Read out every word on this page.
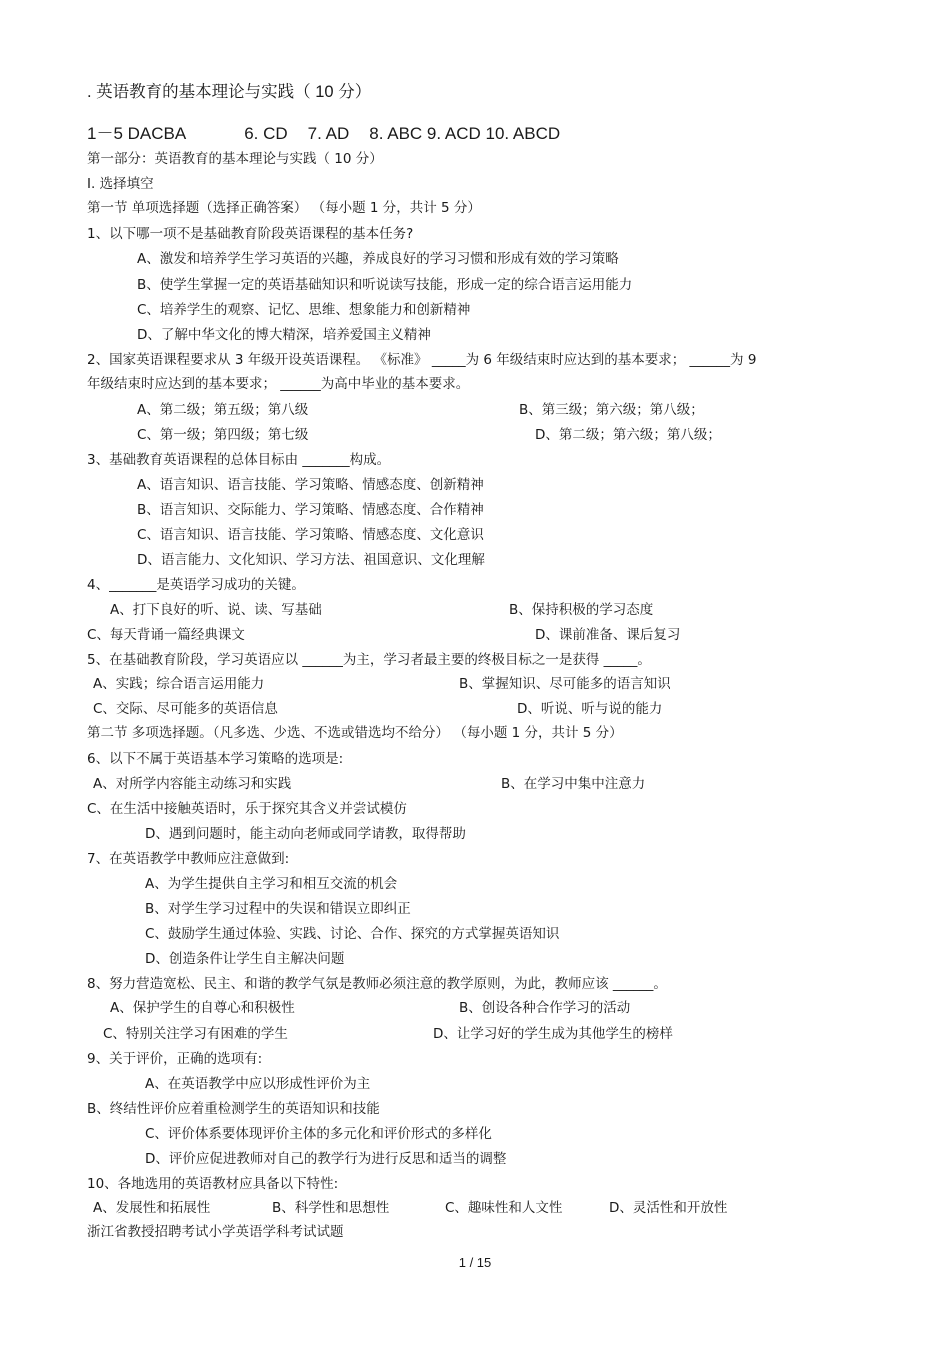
. 英语教育的基本理论与实践（ 10 分）
1－5 DACBA	6. CD 7. AD 8. ABC 9. ACD 10. ABCD
第一部分：英语教育的基本理论与实践（ 10 分）
I. 选择填空
第一节 单项选择题（选择正确答案） （每小题 1 分，共计 5 分）
1、以下哪一项不是基础教育阶段英语课程的基本任务?
A、激发和培养学生学习英语的兴趣，养成良好的学习习惯和形成有效的学习策略
B、使学生掌握一定的英语基础知识和听说读写技能，形成一定的综合语言运用能力
C、培养学生的观察、记忆、思维、想象能力和创新精神
D、了解中华文化的博大精深，培养爱国主义精神
2、国家英语课程要求从 3 年级开设英语课程。 《标准》 _____为 6 年级结束时应达到的基本要求； ______为 9
年级结束时应达到的基本要求； ______为高中毕业的基本要求。
A、第二级；第五级；第八级	B、第三级；第六级；第八级；
C、第一级；第四级；第七级	D、第二级；第六级；第八级；
3、基础教育英语课程的总体目标由 _______构成。
A、语言知识、语言技能、学习策略、情感态度、创新精神
B、语言知识、交际能力、学习策略、情感态度、合作精神
C、语言知识、语言技能、学习策略、情感态度、文化意识
D、语言能力、文化知识、学习方法、祖国意识、文化理解
4、_______是英语学习成功的关键。
A、打下良好的听、说、读、写基础	B、保持积极的学习态度
C、每天背诵一篇经典课文	D、课前准备、课后复习
5、在基础教育阶段，学习英语应以 ______为主，学习者最主要的终极目标之一是获得 _____。
A、实践；综合语言运用能力	B、掌握知识、尽可能多的语言知识
C、交际、尽可能多的英语信息	D、听说、听与说的能力
第二节 多项选择题。（凡多选、少选、不选或错选均不给分） （每小题 1 分，共计 5 分）
6、以下不属于英语基本学习策略的选项是:
A、对所学内容能主动练习和实践	B、在学习中集中注意力
C、在生活中接触英语时，乐于探究其含义并尝试模仿
D、遇到问题时，能主动向老师或同学请教，取得帮助
7、在英语教学中教师应注意做到:
A、为学生提供自主学习和相互交流的机会
B、对学生学习过程中的失误和错误立即纠正
C、鼓励学生通过体验、实践、讨论、合作、探究的方式掌握英语知识
D、创造条件让学生自主解决问题
8、努力营造宽松、民主、和谐的教学气氛是教师必须注意的教学原则，为此，教师应该 ______。
A、保护学生的自尊心和积极性	B、创设各种合作学习的活动
C、特别关注学习有困难的学生	D、让学习好的学生成为其他学生的榜样
9、关于评价，正确的选项有:
A、在英语教学中应以形成性评价为主
B、终结性评价应着重检测学生的英语知识和技能
C、评价体系要体现评价主体的多元化和评价形式的多样化
D、评价应促进教师对自己的教学行为进行反思和适当的调整
10、各地选用的英语教材应具备以下特性:
A、发展性和拓展性	B、科学性和思想性	C、趣味性和人文性	D、灵活性和开放性
浙江省教授招聘考试小学英语学科考试试题
1 / 15
